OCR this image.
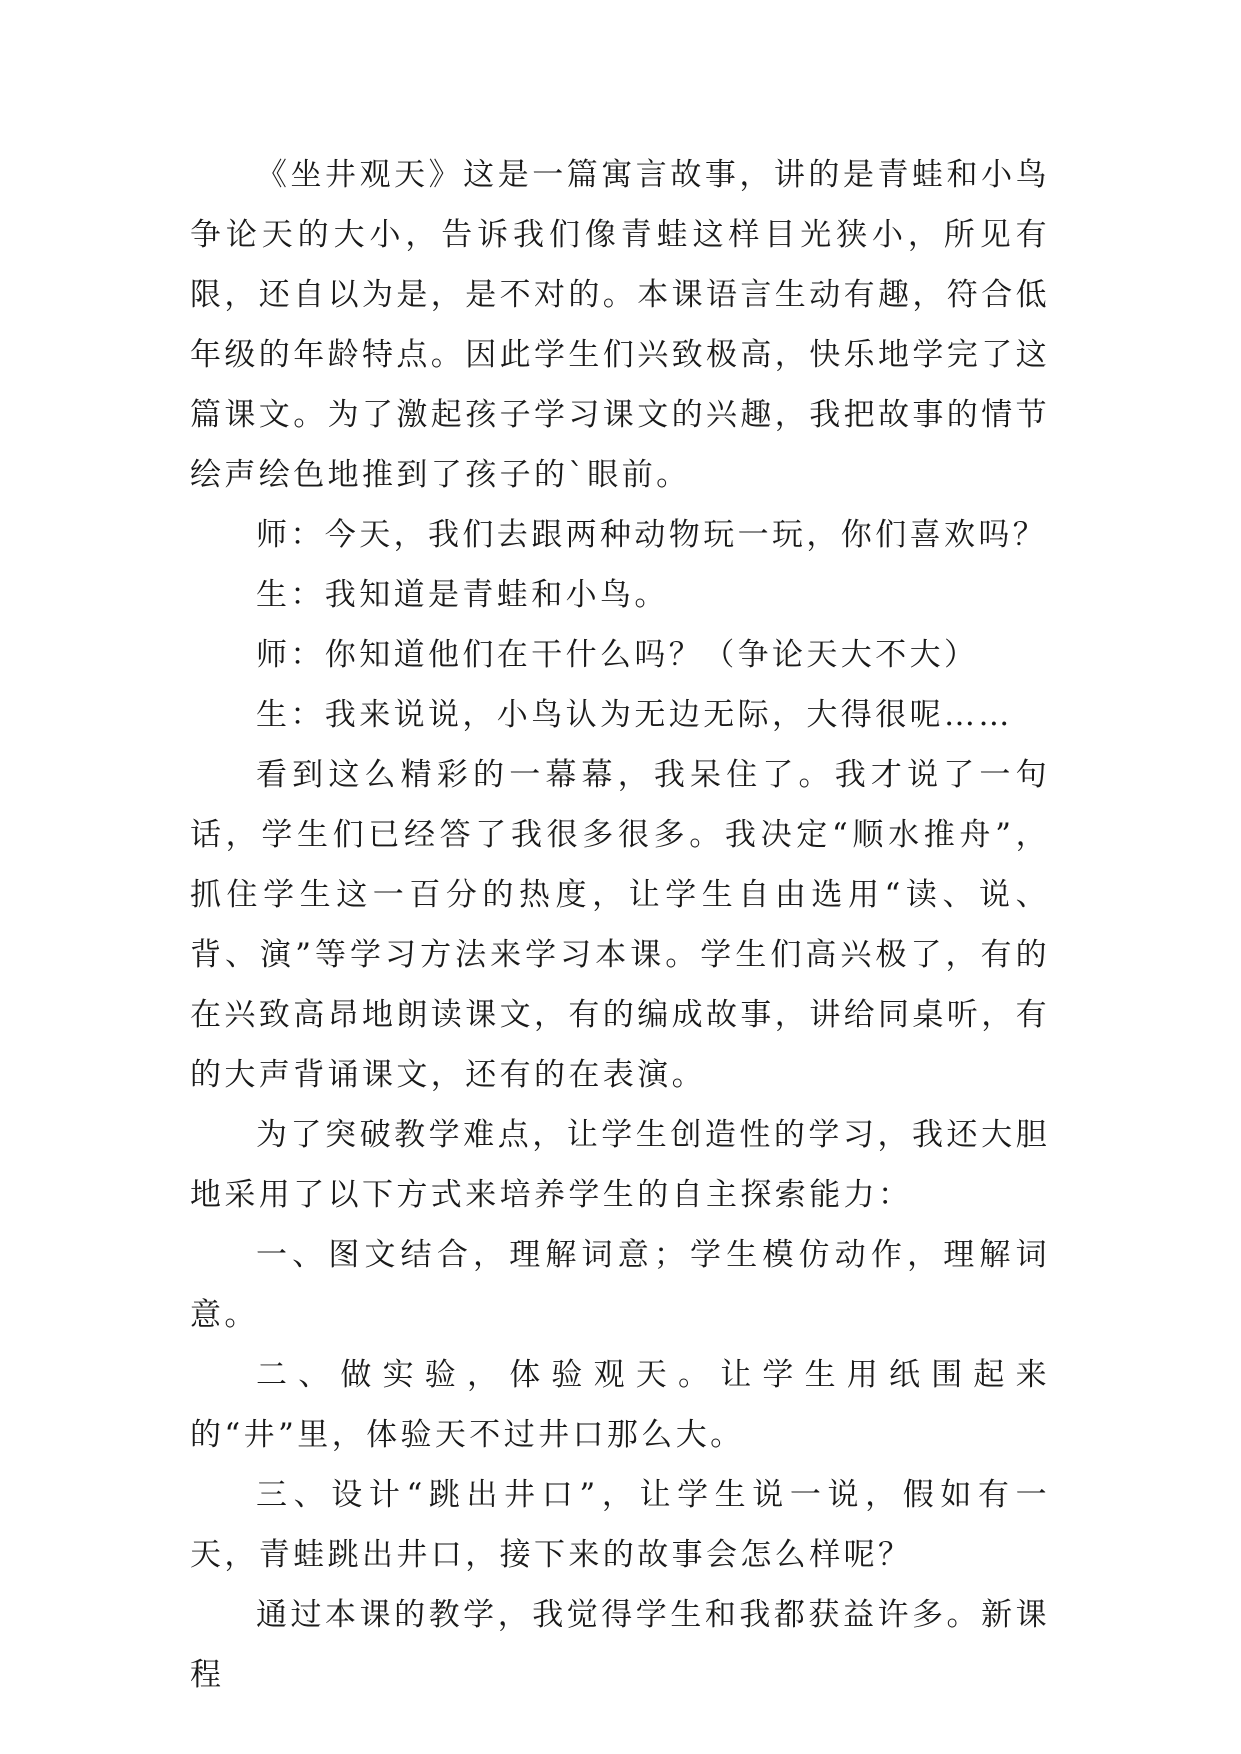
《坐井观天》这是一篇寓言故事，讲的是青蛙和小鸟争论天的大小，告诉我们像青蛙这样目光狭小，所见有限，还自以为是，是不对的。本课语言生动有趣，符合低年级的年龄特点。因此学生们兴致极高，快乐地学完了这篇课文。为了激起孩子学习课文的兴趣，我把故事的情节绘声绘色地推到了孩子的`眼前。

师：今天，我们去跟两种动物玩一玩，你们喜欢吗？

生：我知道是青蛙和小鸟。

师：你知道他们在干什么吗？（争论天大不大）

生：我来说说，小鸟认为无边无际，大得很呢……

看到这么精彩的一幕幕，我呆住了。我才说了一句话，学生们已经答了我很多很多。我决定“顺水推舟”，抓住学生这一百分的热度，让学生自由选用“读、说、背、演”等学习方法来学习本课。学生们高兴极了，有的在兴致高昂地朗读课文，有的编成故事，讲给同桌听，有的大声背诵课文，还有的在表演。

为了突破教学难点，让学生创造性的学习，我还大胆地采用了以下方式来培养学生的自主探索能力：

一、图文结合，理解词意；学生模仿动作，理解词意。

二、做实验，体验观天。让学生用纸围起来的“井”里，体验天不过井口那么大。

三、设计“跳出井口”，让学生说一说，假如有一天，青蛙跳出井口，接下来的故事会怎么样呢？

通过本课的教学，我觉得学生和我都获益许多。新课程
